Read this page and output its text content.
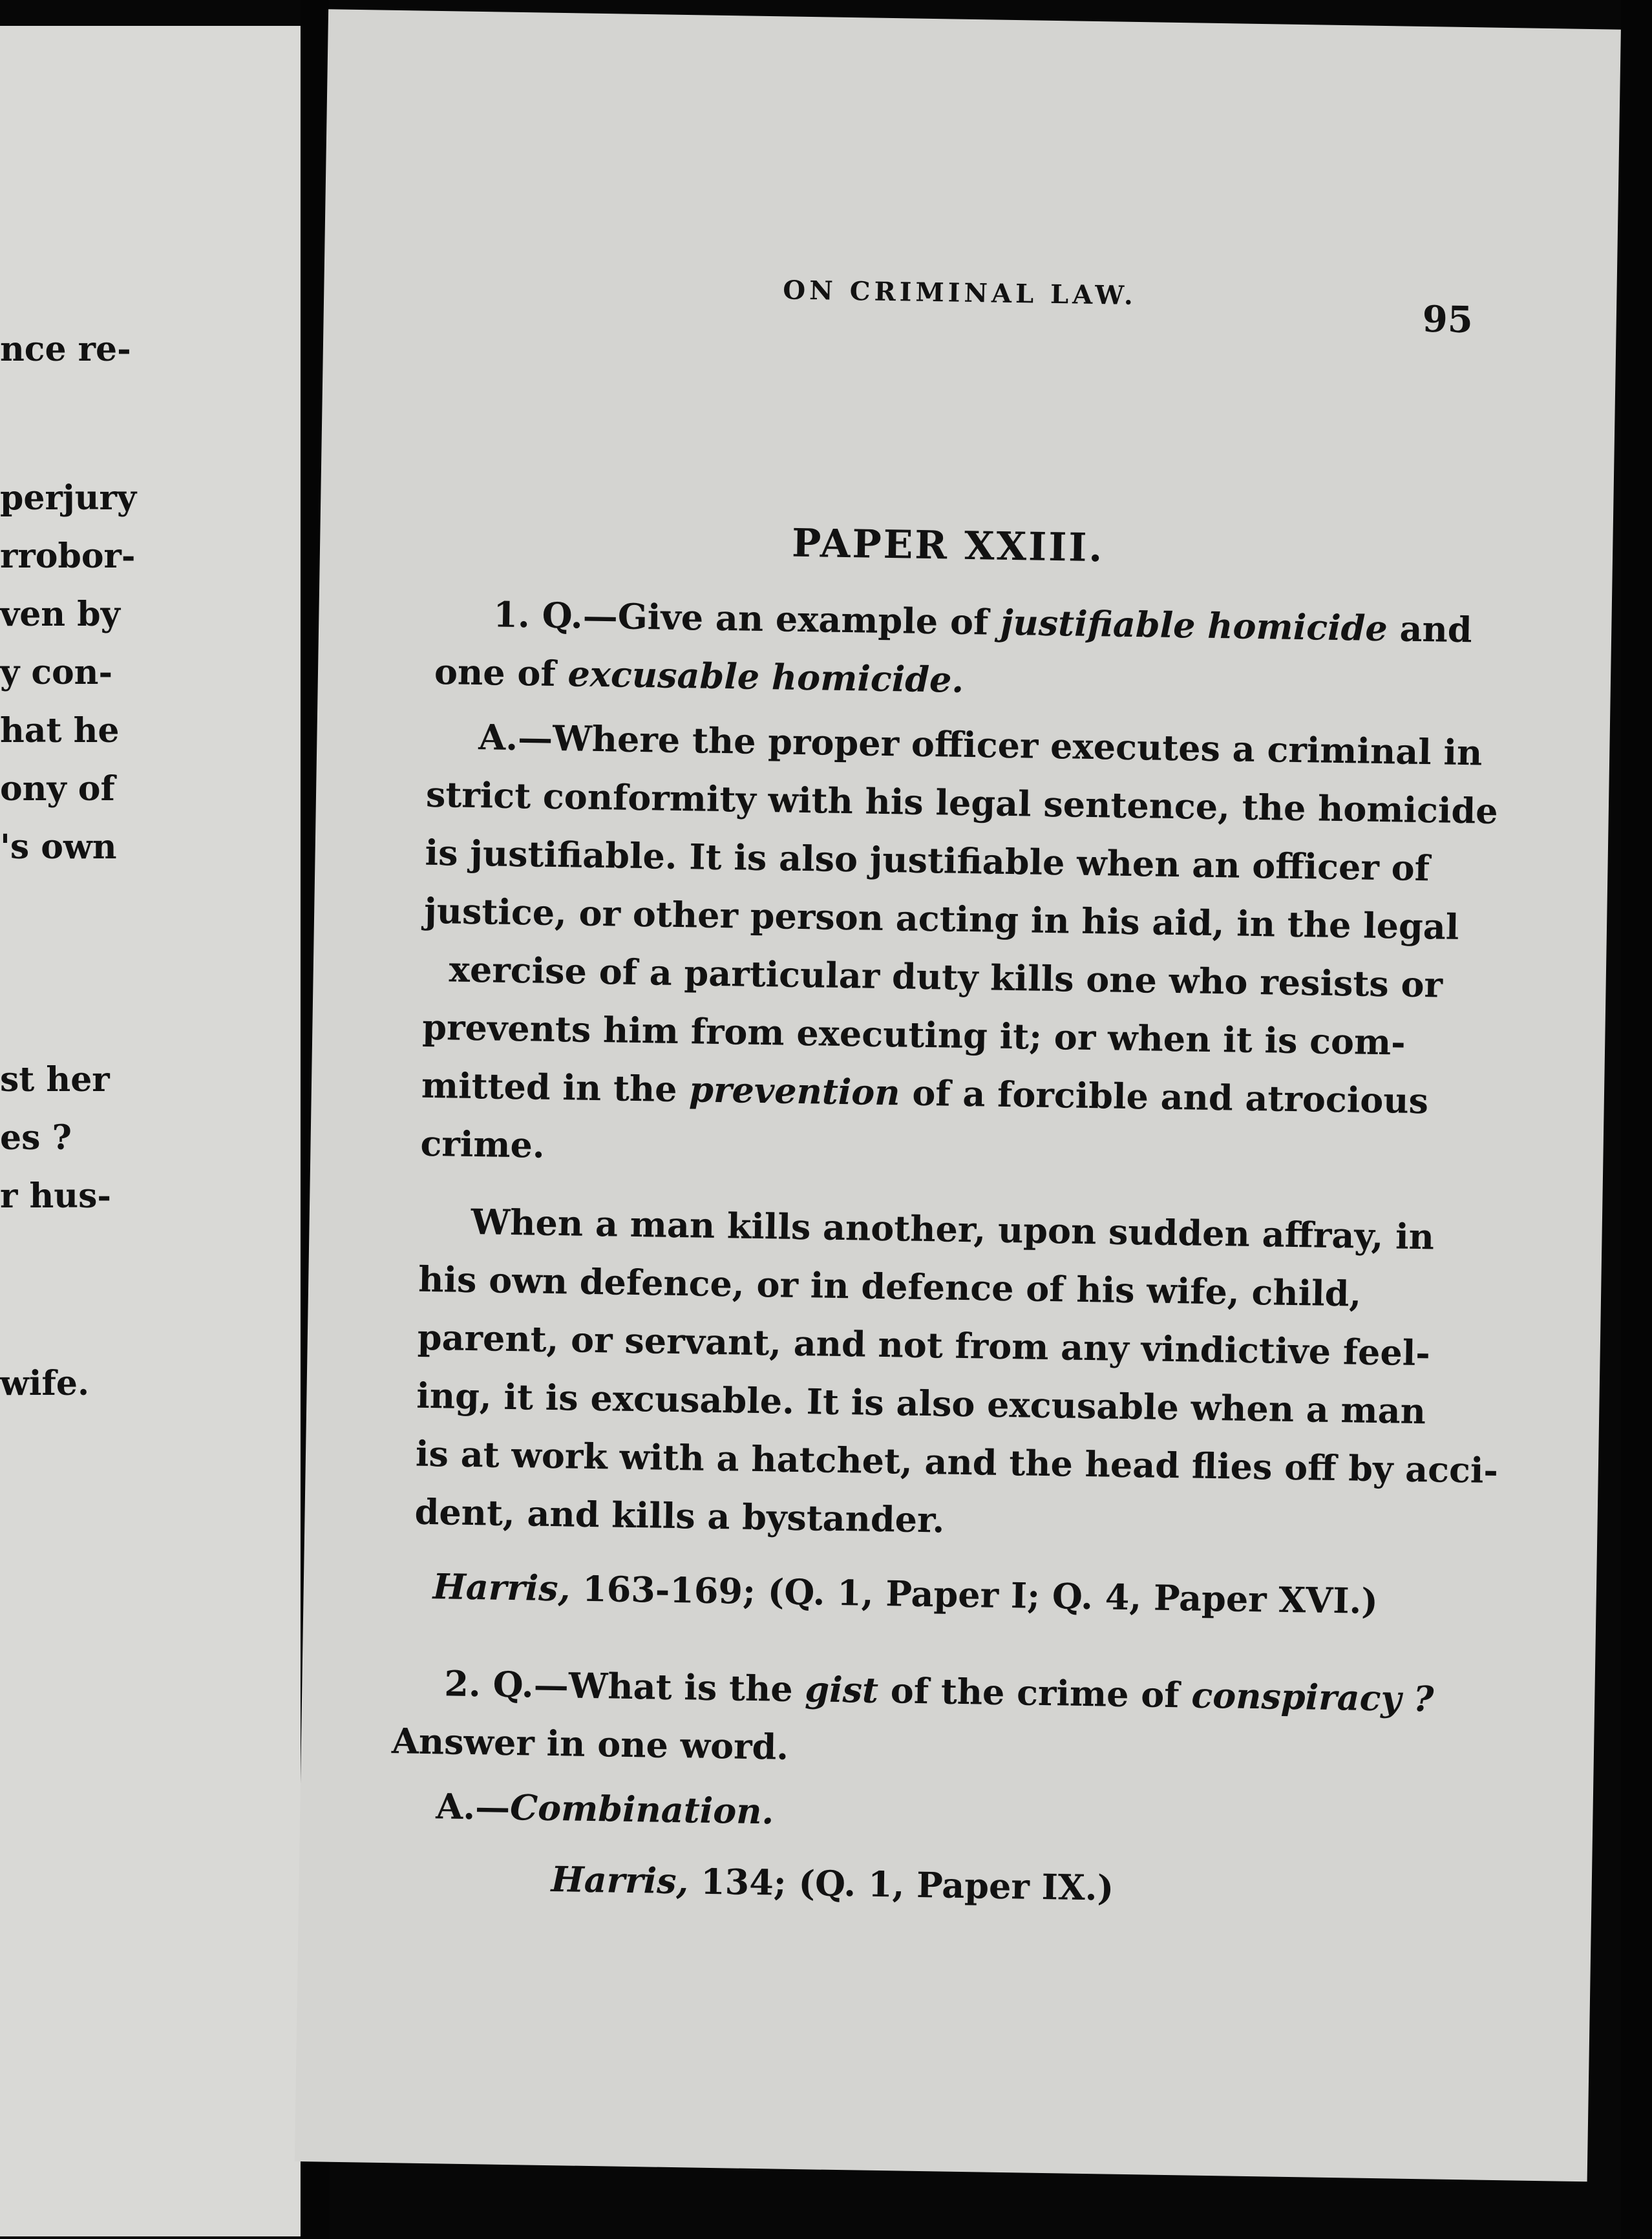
nce re-
perjury
rrobor-
ven by
y con-
hat he
ony of
's own
st her
es ?
r hus-
wife.
ON CRIMINAL LAW.
95
PAPER XXIII.
1. Q.—Give an example of justifiable homicide and
one of excusable homicide.
A.—Where the proper officer executes a criminal in
strict conformity with his legal sentence, the homicide
is justifiable. It is also justifiable when an officer of
justice, or other person acting in his aid, in the legal
xercise of a particular duty kills one who resists or
prevents him from executing it; or when it is com-
mitted in the prevention of a forcible and atrocious
crime.
When a man kills another, upon sudden affray, in
his own defence, or in defence of his wife, child,
parent, or servant, and not from any vindictive feel-
ing, it is excusable. It is also excusable when a man
is at work with a hatchet, and the head flies off by acci-
dent, and kills a bystander.
Harris, 163-169; (Q. 1, Paper I; Q. 4, Paper XVI.)
2. Q.—What is the gist of the crime of conspiracy ?
Answer in one word.
A.—Combination.
Harris, 134; (Q. 1, Paper IX.)
